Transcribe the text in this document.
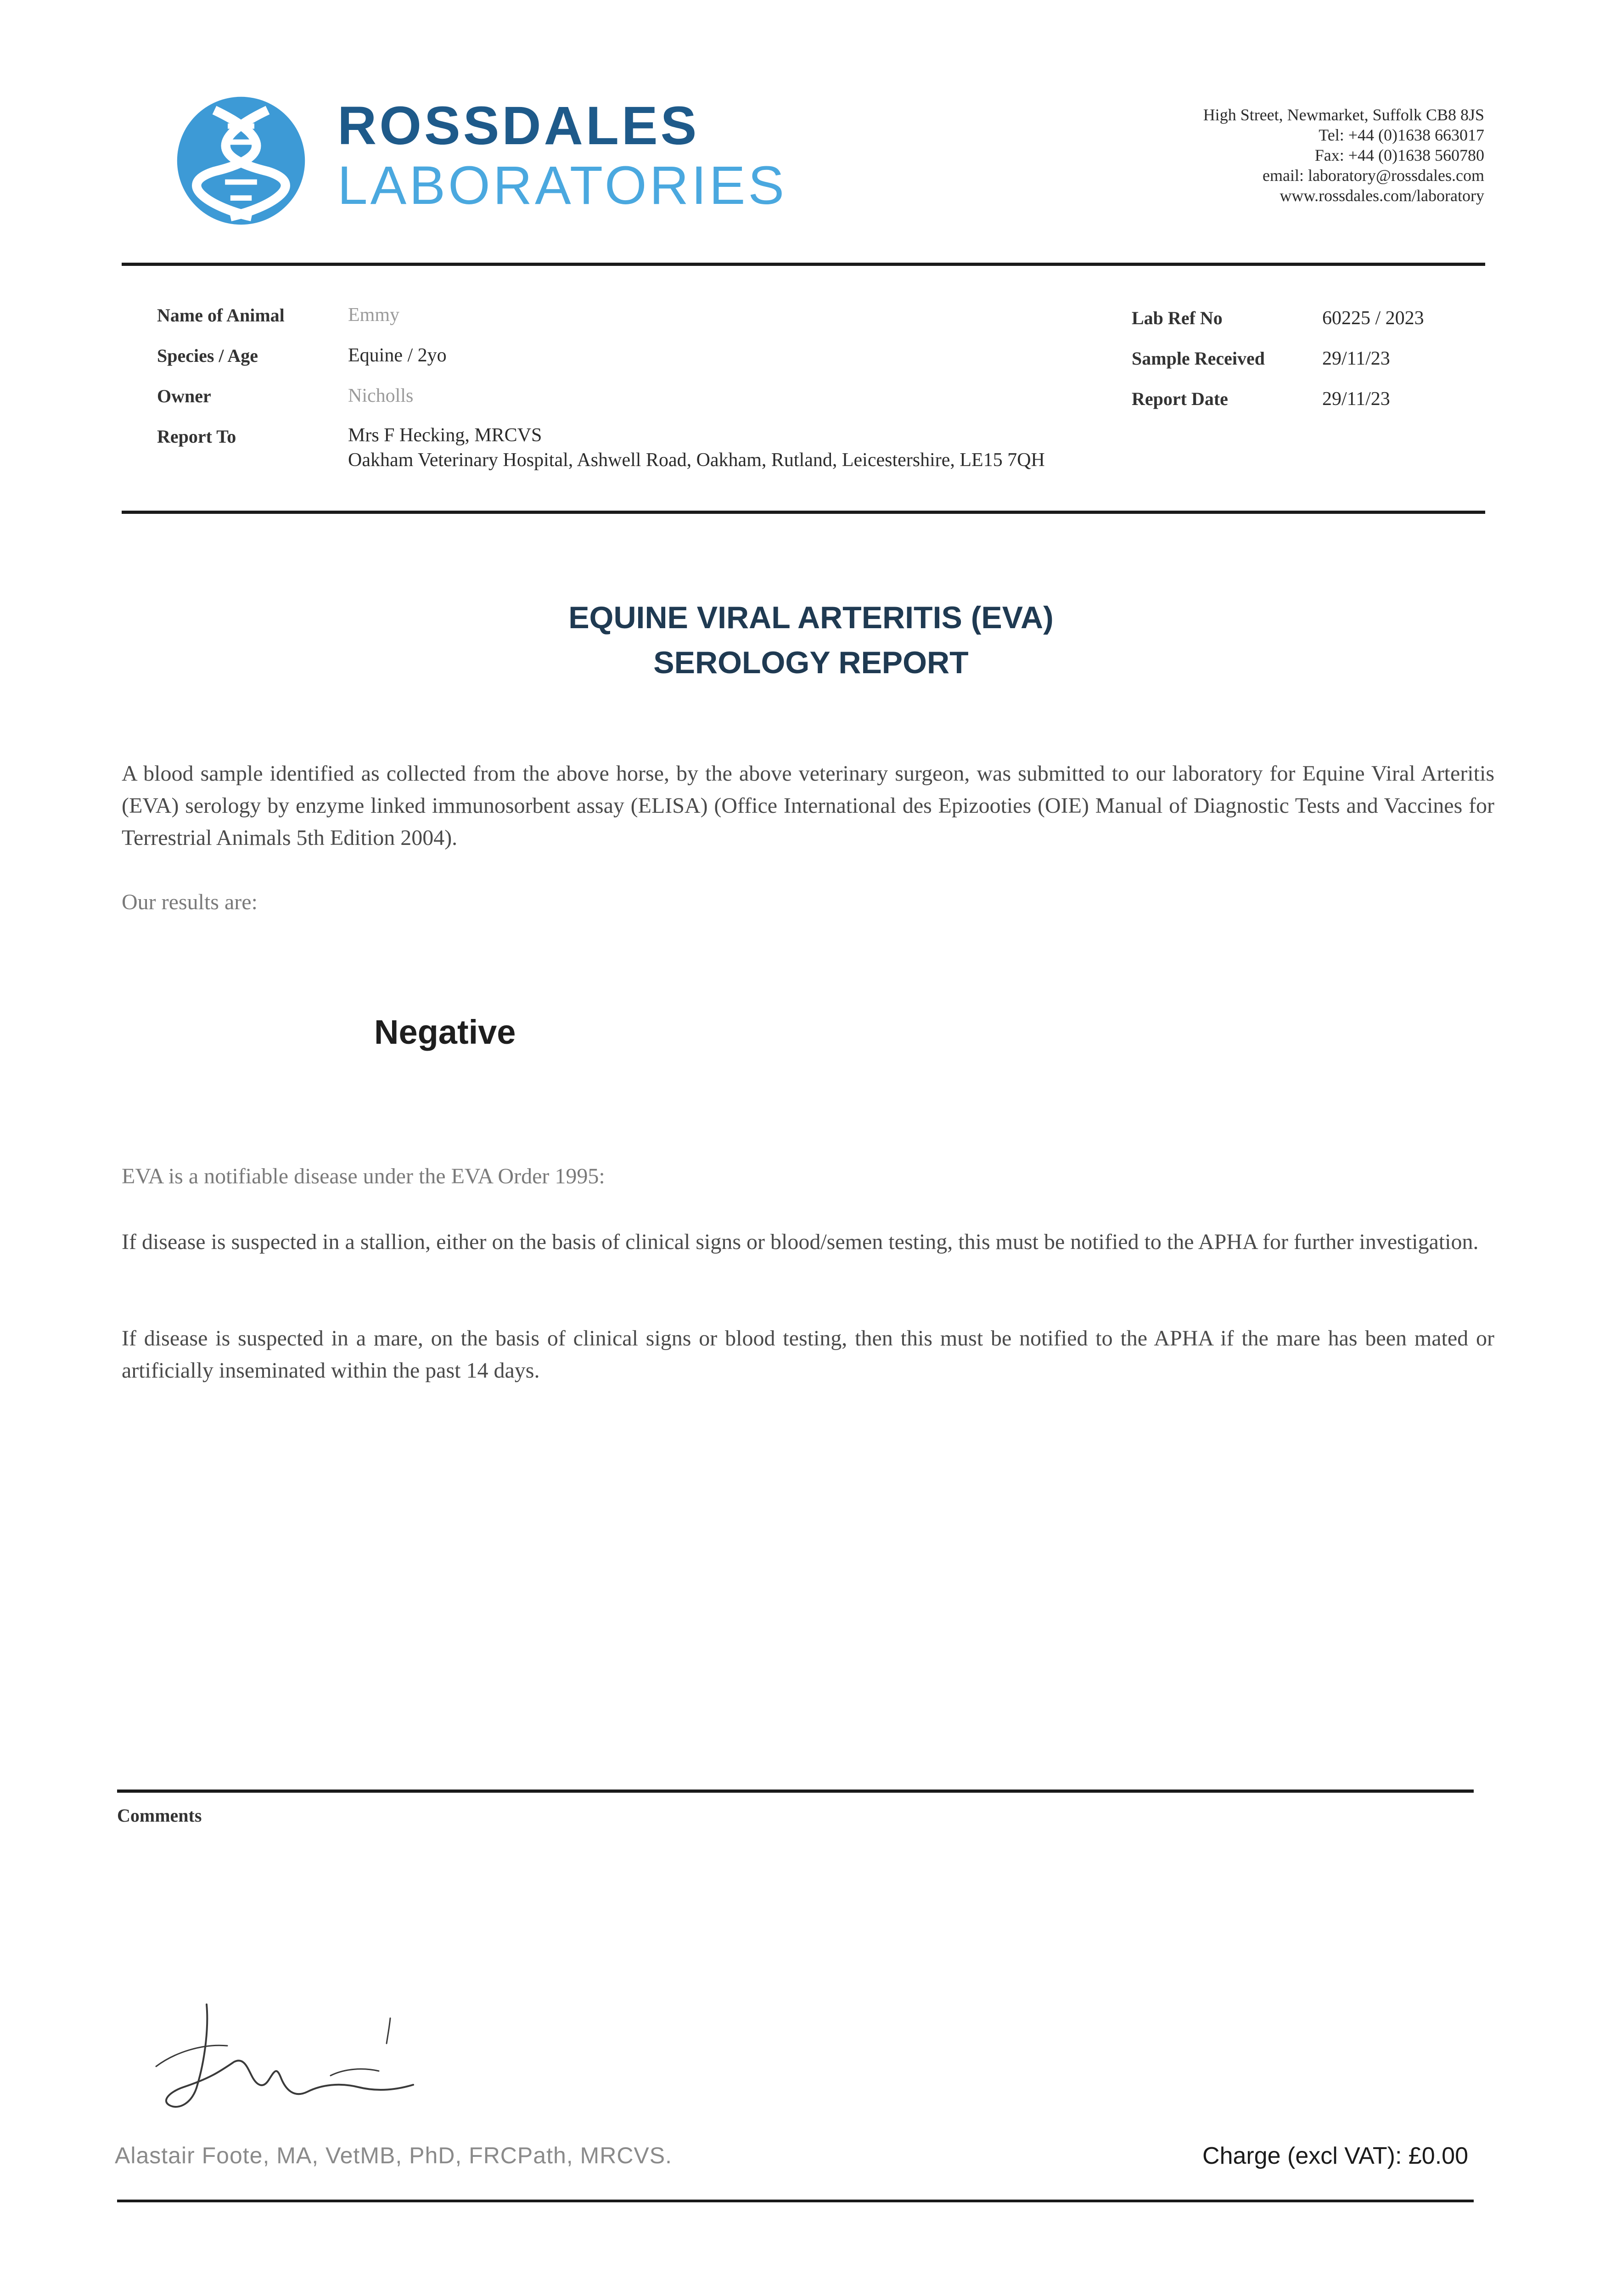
ROSSDALES
LABORATORIES
High Street, Newmarket, Suffolk CB8 8JS
Tel: +44 (0)1638 663017
Fax: +44 (0)1638 560780
email: laboratory@rossdales.com
www.rossdales.com/laboratory
Name of Animal	Emmy
Species / Age	Equine / 2yo
Owner	Nicholls
Report To	Mrs F Hecking, MRCVS
Oakham Veterinary Hospital, Ashwell Road, Oakham, Rutland, Leicestershire, LE15 7QH
Lab Ref No	60225 / 2023
Sample Received	29/11/23
Report Date	29/11/23
EQUINE VIRAL ARTERITIS (EVA)
SEROLOGY REPORT
A blood sample identified as collected from the above horse, by the above veterinary surgeon, was submitted to our laboratory for Equine Viral Arteritis (EVA) serology by enzyme linked immunosorbent assay (ELISA) (Office International des Epizooties (OIE) Manual of Diagnostic Tests and Vaccines for Terrestrial Animals 5th Edition 2004).
Our results are:
Negative
EVA is a notifiable disease under the EVA Order 1995:
If disease is suspected in a stallion, either on the basis of clinical signs or blood/semen testing, this must be notified to the APHA for further investigation.
If disease is suspected in a mare, on the basis of clinical signs or blood testing, then this must be notified to the APHA if the mare has been mated or artificially inseminated within the past 14 days.
Comments
Alastair Foote, MA, VetMB, PhD, FRCPath, MRCVS.	Charge (excl VAT): £0.00
